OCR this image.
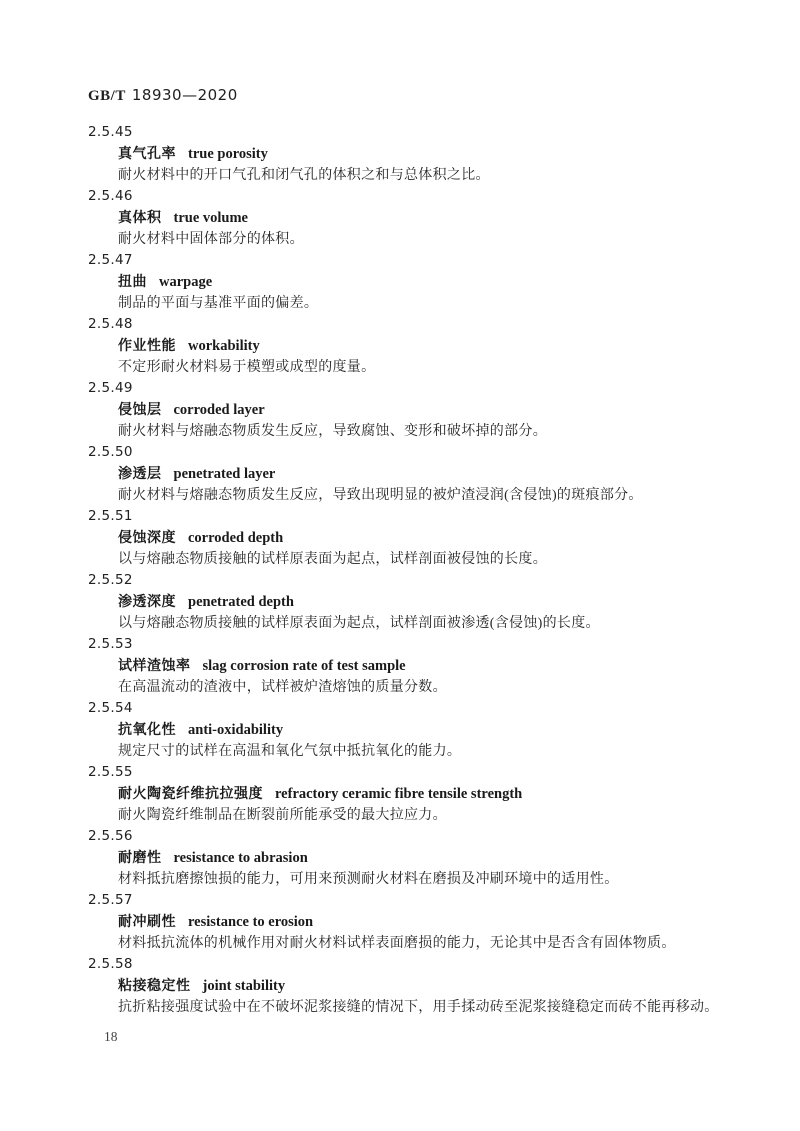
GB/T 18930—2020
2.5.45
真气孔率 true porosity
耐火材料中的开口气孔和闭气孔的体积之和与总体积之比。
2.5.46
真体积 true volume
耐火材料中固体部分的体积。
2.5.47
扭曲 warpage
制品的平面与基准平面的偏差。
2.5.48
作业性能 workability
不定形耐火材料易于模塑或成型的度量。
2.5.49
侵蚀层 corroded layer
耐火材料与熔融态物质发生反应，导致腐蚀、变形和破坏掉的部分。
2.5.50
渗透层 penetrated layer
耐火材料与熔融态物质发生反应，导致出现明显的被炉渣浸润(含侵蚀)的斑痕部分。
2.5.51
侵蚀深度 corroded depth
以与熔融态物质接触的试样原表面为起点，试样剖面被侵蚀的长度。
2.5.52
渗透深度 penetrated depth
以与熔融态物质接触的试样原表面为起点，试样剖面被渗透(含侵蚀)的长度。
2.5.53
试样渣蚀率 slag corrosion rate of test sample
在高温流动的渣液中，试样被炉渣熔蚀的质量分数。
2.5.54
抗氧化性 anti-oxidability
规定尺寸的试样在高温和氧化气氛中抵抗氧化的能力。
2.5.55
耐火陶瓷纤维抗拉强度 refractory ceramic fibre tensile strength
耐火陶瓷纤维制品在断裂前所能承受的最大拉应力。
2.5.56
耐磨性 resistance to abrasion
材料抵抗磨擦蚀损的能力，可用来预测耐火材料在磨损及冲刷环境中的适用性。
2.5.57
耐冲刷性 resistance to erosion
材料抵抗流体的机械作用对耐火材料试样表面磨损的能力，无论其中是否含有固体物质。
2.5.58
粘接稳定性 joint stability
抗折粘接强度试验中在不破坏泥浆接缝的情况下，用手揉动砖至泥浆接缝稳定而砖不能再移动。
18
